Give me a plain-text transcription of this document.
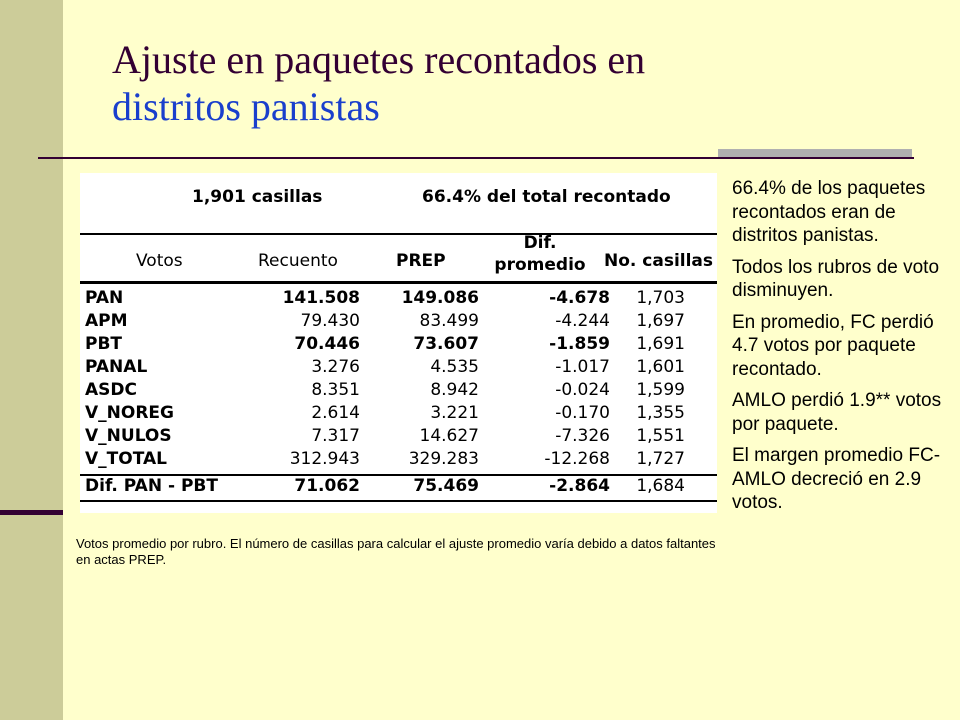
Ajuste en paquetes recontados en
distritos panistas
1,901 casillas	66.4% del total recontado
Votos	Recuento	PREP
Dif.
promedio	No. casillas
PAN	141.508 149.086	-4.678 1,703
APM	79.430	83.499	-4.244 1,697
PBT	70.446	73.607	-1.859 1,691
PANAL	3.276	4.535	-1.017 1,601
ASDC	8.351	8.942	-0.024 1,599
V_NOREG	2.614	3.221	-0.170 1,355
V_NULOS	7.317	14.627	-7.326 1,551
V_TOTAL	312.943	329.283	-12.268 1,727
Dif. PAN - PBT	71.062	75.469	-2.864 1,684
Votos promedio por rubro. El número de casillas para calcular el ajuste promedio varía debido a datos faltantes en actas PREP.

66.4% de los paquetes recontados eran de distritos panistas.

Todos los rubros de voto disminuyen.

En promedio, FC perdió 4.7 votos por paquete recontado.

AMLO perdió 1.9** votos por paquete.

El margen promedio FC-AMLO decreció en 2.9 votos.
